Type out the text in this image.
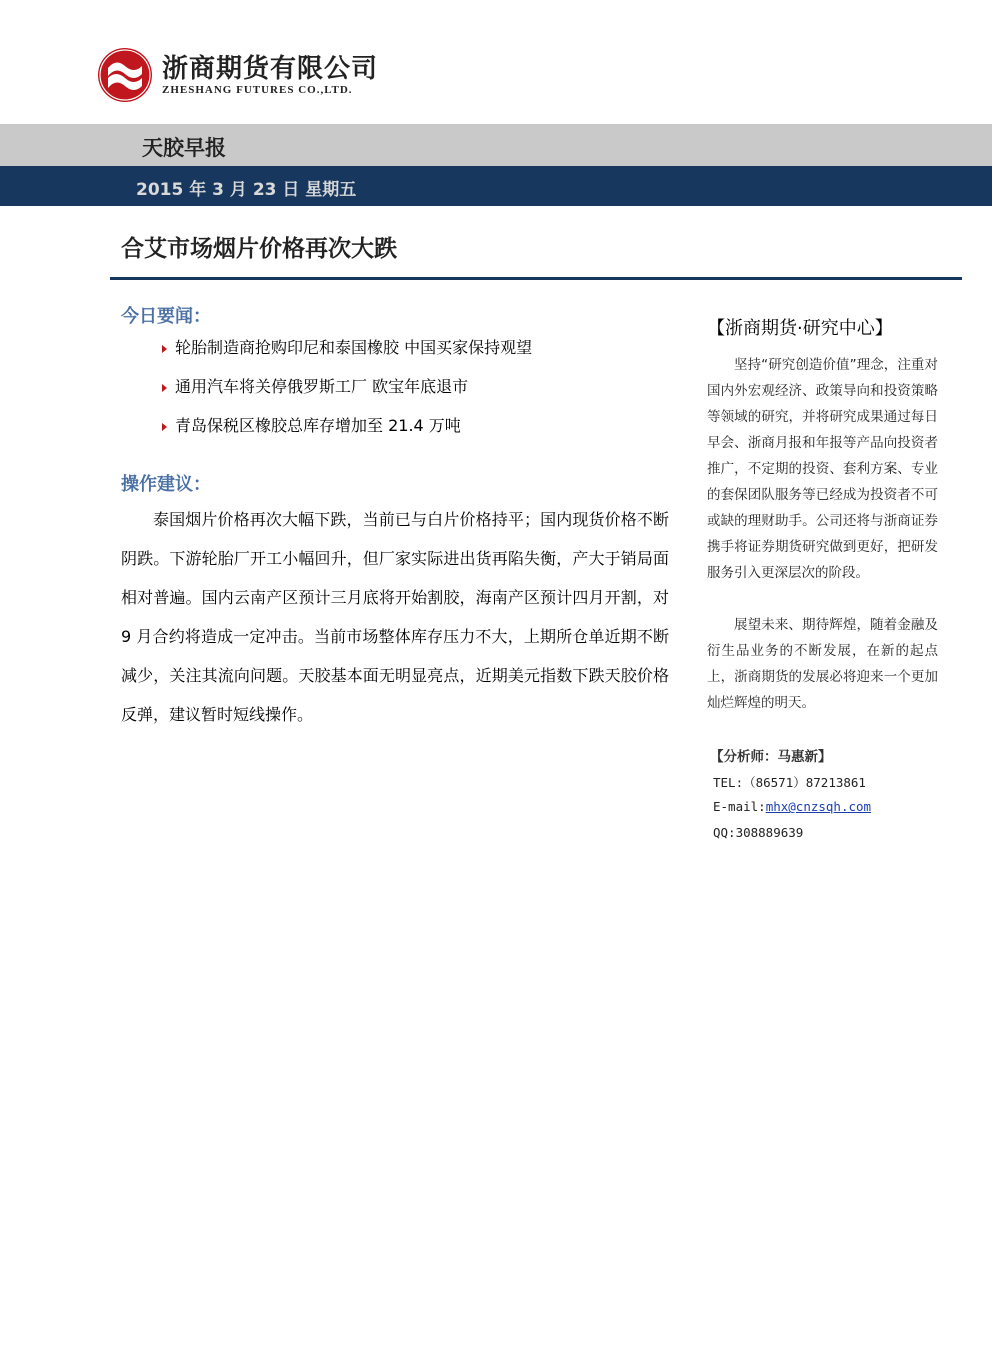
浙商期货有限公司
ZHESHANG FUTURES CO.,LTD.
天胶早报
2015 年 3 月 23 日 星期五
合艾市场烟片价格再次大跌
今日要闻：
轮胎制造商抢购印尼和泰国橡胶 中国买家保持观望
通用汽车将关停俄罗斯工厂 欧宝年底退市
青岛保税区橡胶总库存增加至 21.4 万吨
操作建议：

泰国烟片价格再次大幅下跌，当前已与白片价格持平；国内现货价格不断阴跌。下游轮胎厂开工小幅回升，但厂家实际进出货再陷失衡，产大于销局面相对普遍。国内云南产区预计三月底将开始割胶，海南产区预计四月开割，对 9 月合约将造成一定冲击。当前市场整体库存压力不大，上期所仓单近期不断减少，关注其流向问题。天胶基本面无明显亮点，近期美元指数下跌天胶价格反弹，建议暂时短线操作。

【浙商期货·研究中心】

坚持“研究创造价值”理念，注重对国内外宏观经济、政策导向和投资策略等领域的研究，并将研究成果通过每日早会、浙商月报和年报等产品向投资者推广，不定期的投资、套利方案、专业的套保团队服务等已经成为投资者不可或缺的理财助手。公司还将与浙商证券携手将证券期货研究做到更好，把研发服务引入更深层次的阶段。

展望未来、期待辉煌，随着金融及衍生品业务的不断发展，在新的起点上，浙商期货的发展必将迎来一个更加灿烂辉煌的明天。

【分析师：马惠新】
TEL:（86571）87213861
E-mail:mhx@cnzsqh.com
QQ:308889639
